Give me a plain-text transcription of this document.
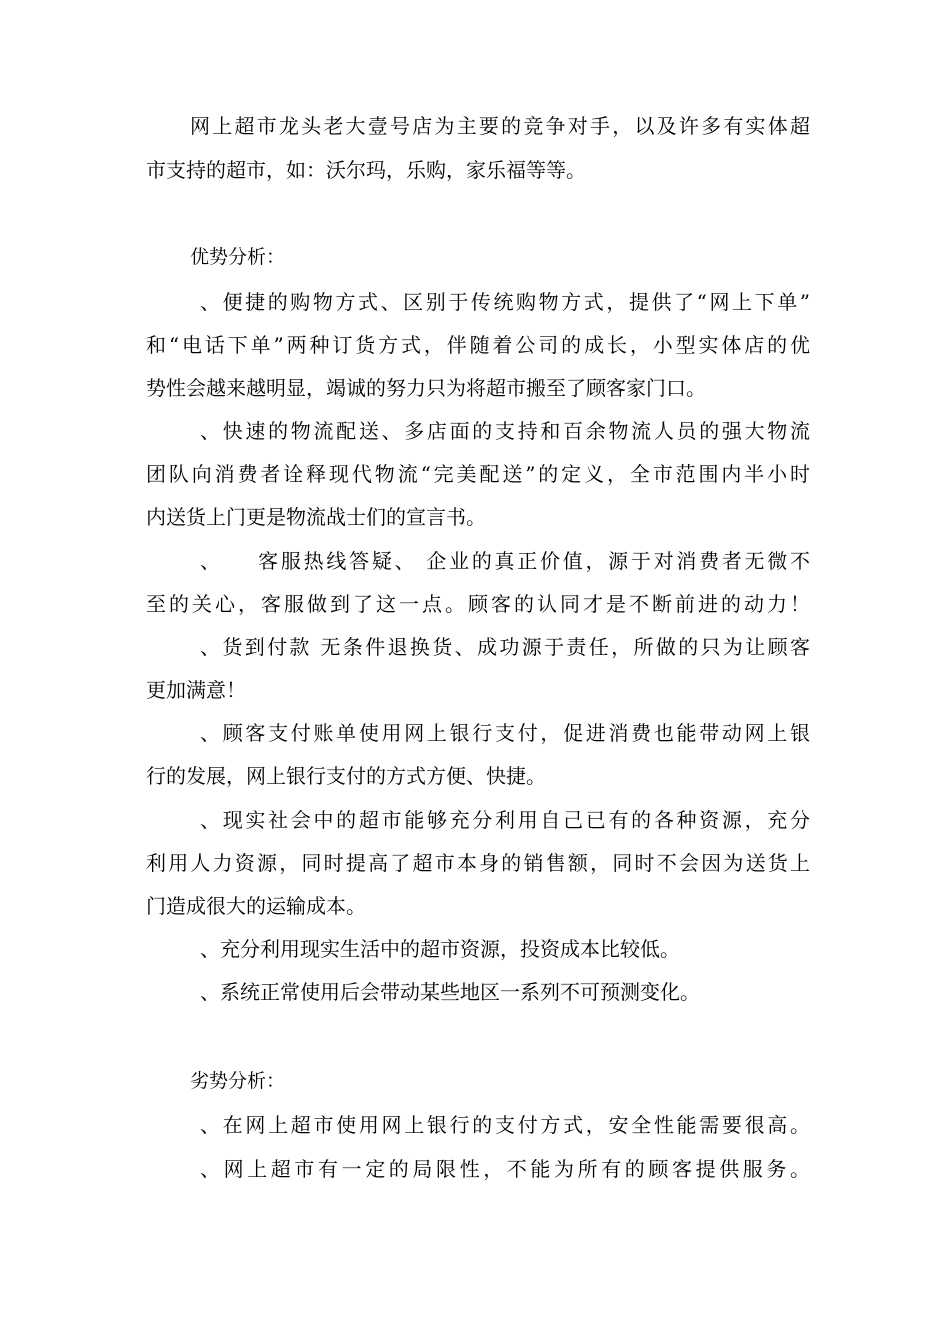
网上超市龙头老大壹号店为主要的竞争对手，以及许多有实体超
市支持的超市，如：沃尔玛，乐购，家乐福等等。
优势分析：
、便捷的购物方式、区别于传统购物方式，提供了“网上下单”
和“电话下单”两种订货方式，伴随着公司的成长，小型实体店的优
势性会越来越明显，竭诚的努力只为将超市搬至了顾客家门口。
、快速的物流配送、多店面的支持和百余物流人员的强大物流
团队向消费者诠释现代物流“完美配送”的定义，全市范围内半小时
内送货上门更是物流战士们的宣言书。
、　　客服热线答疑、 企业的真正价值，源于对消费者无微不
至的关心，客服做到了这一点。顾客的认同才是不断前进的动力！
、货到付款 无条件退换货、成功源于责任，所做的只为让顾客
更加满意！
、顾客支付账单使用网上银行支付，促进消费也能带动网上银
行的发展，网上银行支付的方式方便、快捷。
、现实社会中的超市能够充分利用自己已有的各种资源，充分
利用人力资源，同时提高了超市本身的销售额，同时不会因为送货上
门造成很大的运输成本。
、充分利用现实生活中的超市资源，投资成本比较低。
、系统正常使用后会带动某些地区一系列不可预测变化。
劣势分析：
、在网上超市使用网上银行的支付方式，安全性能需要很高。
、网上超市有一定的局限性，不能为所有的顾客提供服务。
